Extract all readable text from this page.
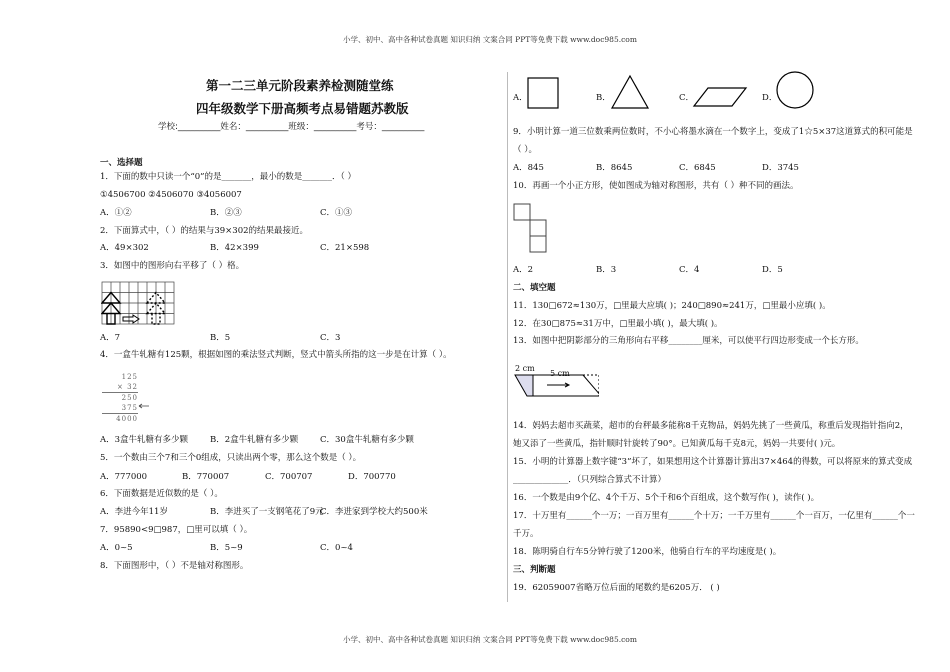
小学、初中、高中各种试卷真题 知识归纳 文案合同 PPT等免费下载 www.doc985.com
小学、初中、高中各种试卷真题 知识归纳 文案合同 PPT等免费下载 www.doc985.com
第一二三单元阶段素养检测随堂练
四年级数学下册高频考点易错题苏教版
学校:__________姓名：__________班级：__________考号：__________
一、选择题
1．下面的数中只读一个“0”的是_______，最小的数是_______．（ ）
①4506700 ②4506070 ③4056007
A．①②	B．②③	C．①③
2．下面算式中，（ ）的结果与39×302的结果最接近。
A．49×302	B．42×399	C．21×598
3．如图中的图形向右平移了（ ）格。
A．7	B．5	C．3
4．一盒牛轧糖有125颗，根据如图的乘法竖式判断，竖式中箭头所指的这一步是在计算（ ）。
125
× 32
250
375
4000
A．3盒牛轧糖有多少颗	B．2盒牛轧糖有多少颗	C．30盒牛轧糖有多少颗
5．一个数由三个7和三个0组成，只读出两个零，那么这个数是（ ）。
A．777000	B．770007	C．700707	D．700770
6．下面数据是近似数的是（ ）。
A．李进今年11岁	B．李进买了一支钢笔花了9元
C．李进家到学校大约500米
7．95890<9□987，□里可以填（ ）。
A．0~5	B．5~9	C．0~4
8．下面图形中，（ ）不是轴对称图形。
A．	B．	C．	D．
9．小明计算一道三位数乘两位数时，不小心将墨水滴在一个数字上，变成了1☆5×37这道算式的积可能是
（ ）。
A．845	B．8645	C．6845	D．3745
10．再画一个小正方形，使如图成为轴对称图形，共有（ ）种不同的画法。
A．2	B．3	C．4	D．5
二、填空题
11．130□672≈130万，□里最大应填( )；240□890≈241万，□里最小应填( )。
12．在30□875≈31万中，□里最小填( )，最大填( )。
13．如图中把阴影部分的三角形向右平移________厘米，可以使平行四边形变成一个长方形。
2 cm
5 cm
14．妈妈去超市买蔬菜，超市的台秤最多能称8千克物品，妈妈先挑了一些黄瓜，称重后发现指针指向2，
她又添了一些黄瓜，指针顺时针旋转了90°。已知黄瓜每千克8元，妈妈一共要付( )元。
15．小明的计算器上数字键“3”坏了，如果想用这个计算器计算出37×464的得数，可以将原来的算式变成
_____________．（只列综合算式不计算）
16．一个数是由9个亿、4个千万、5个千和6个百组成，这个数写作( )，读作( )。
17．十万里有______个一万；一百万里有______个十万；一千万里有______个一百万，一亿里有______个一
千万。
18．陈明骑自行车5分钟行驶了1200米，他骑自行车的平均速度是( )。
三、判断题
19．62059007省略万位后面的尾数约是6205万． ( )
